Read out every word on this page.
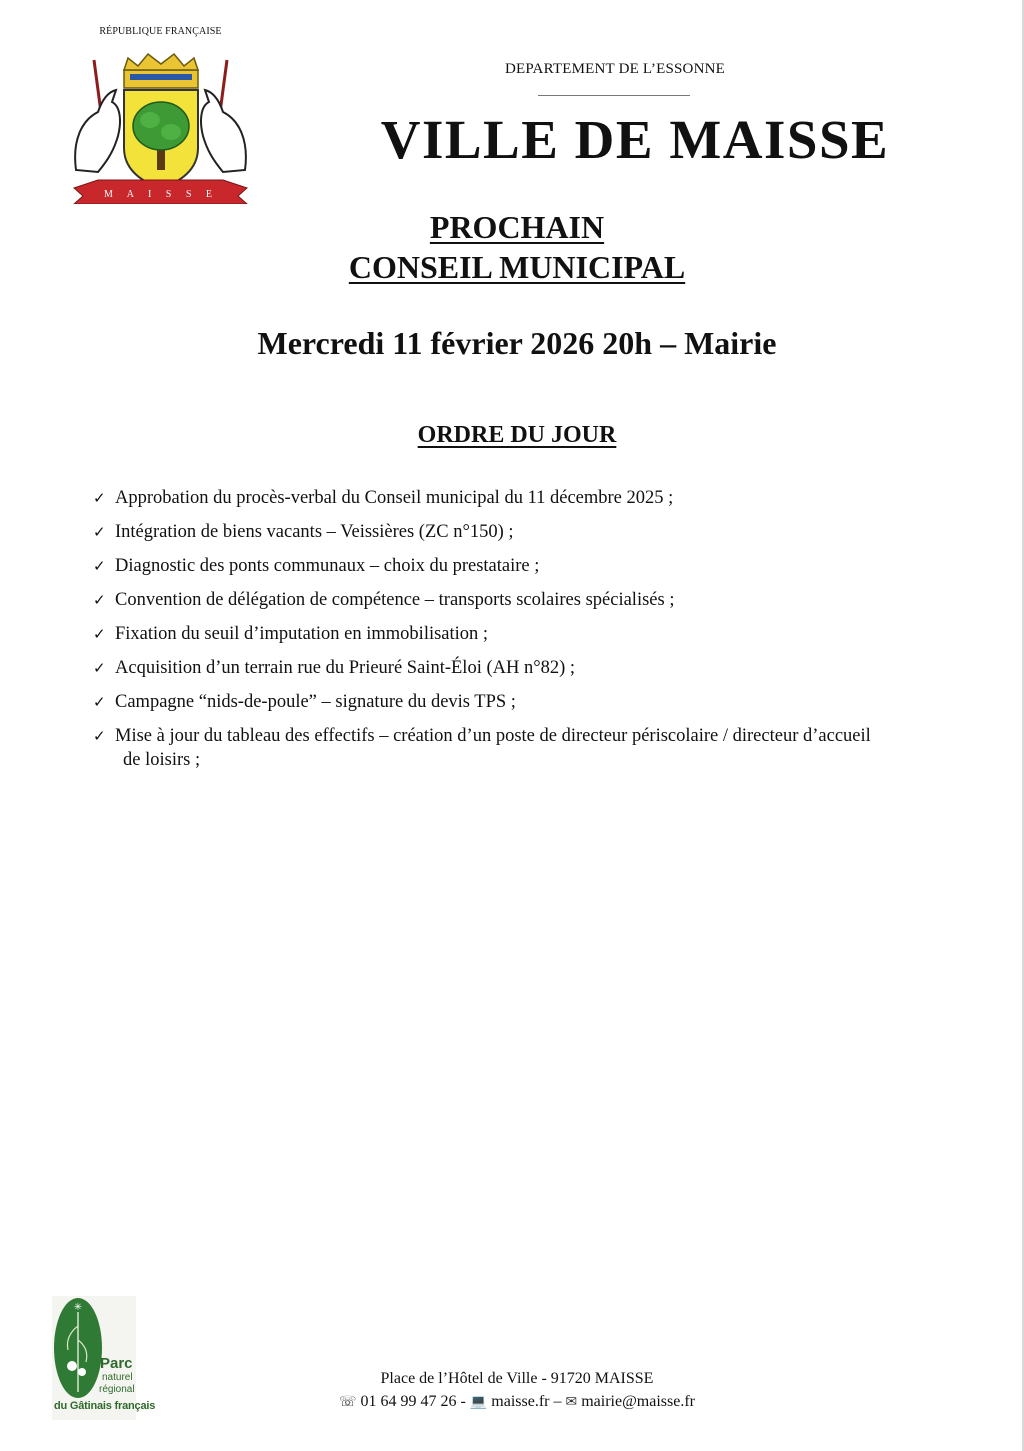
RÉPUBLIQUE FRANÇAISE
M A I S S E
DEPARTEMENT DE L’ESSONNE
VILLE DE MAISSE
PROCHAIN
CONSEIL MUNICIPAL
Mercredi 11 février 2026 20h – Mairie
ORDRE DU JOUR
✓ Approbation du procès-verbal du Conseil municipal du 11 décembre 2025 ;
✓ Intégration de biens vacants – Veissières (ZC n°150) ;
✓ Diagnostic des ponts communaux – choix du prestataire ;
✓ Convention de délégation de compétence – transports scolaires spécialisés ;
✓ Fixation du seuil d’imputation en immobilisation ;
✓ Acquisition d’un terrain rue du Prieuré Saint-Éloi (AH n°82) ;
✓ Campagne “nids-de-poule” – signature du devis TPS ;
✓ Mise à jour du tableau des effectifs – création d’un poste de directeur périscolaire / directeur d’accueil
de loisirs ;
✳
Parc
naturel
régional
du Gâtinais français
Place de l’Hôtel de Ville - 91720 MAISSE
☏ 01 64 99 47 26 - 💻 maisse.fr – ✉ mairie@maisse.fr
